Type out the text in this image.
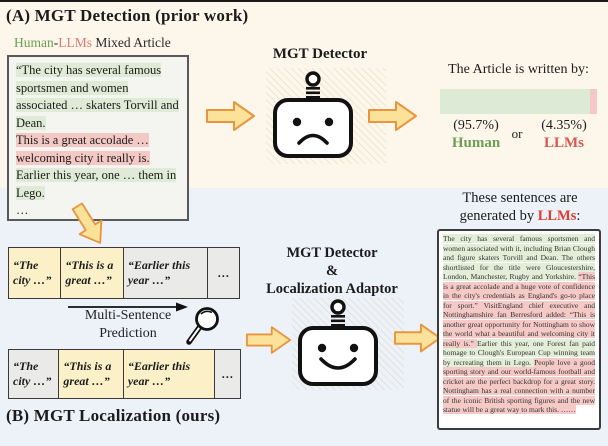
(A) MGT Detection (prior work)
Human-LLMs Mixed Article
“The city has several famous sportsmen and women associated … skaters Torvill and Dean.
This is a great accolade … welcoming city it really is.
Earlier this year, one … them in Lego.
…
MGT Detector
The Article is written by:
(95.7%)
or
(4.35%)
Human	LLMs
“The city …”
“This is a great …”
“Earlier this year …”
…
Multi-Sentence
Prediction
“The city …”
“This is a great …”
“Earlier this year …”
…
(B) MGT Localization (ours)
MGT Detector
&
Localization Adaptor
These sentences are
generated by LLMs:
The city has several famous sportsmen and women associated with it, including Brian Clough and figure skaters Torvill and Dean. The others shortlisted for the title were Gloucestershire, London, Manchester, Rugby and Yorkshire. “This is a great accolade and a huge vote of confidence in the city's credentials as England's go-to place for sport.” VisitEngland chief executive and Nottinghamshire fan Berresford added: “This is another great opportunity for Nottingham to show the world what a beautiful and welcoming city it really is.” Earlier this year, one Forest fan paid homage to Clough's European Cup winning team by recreating them in Lego. People love a good sporting story and our world-famous football and cricket are the perfect backdrop for a great story. Nottingham has a real connection with a number of the iconic British sporting figures and the new statue will be a great way to mark this. ……
